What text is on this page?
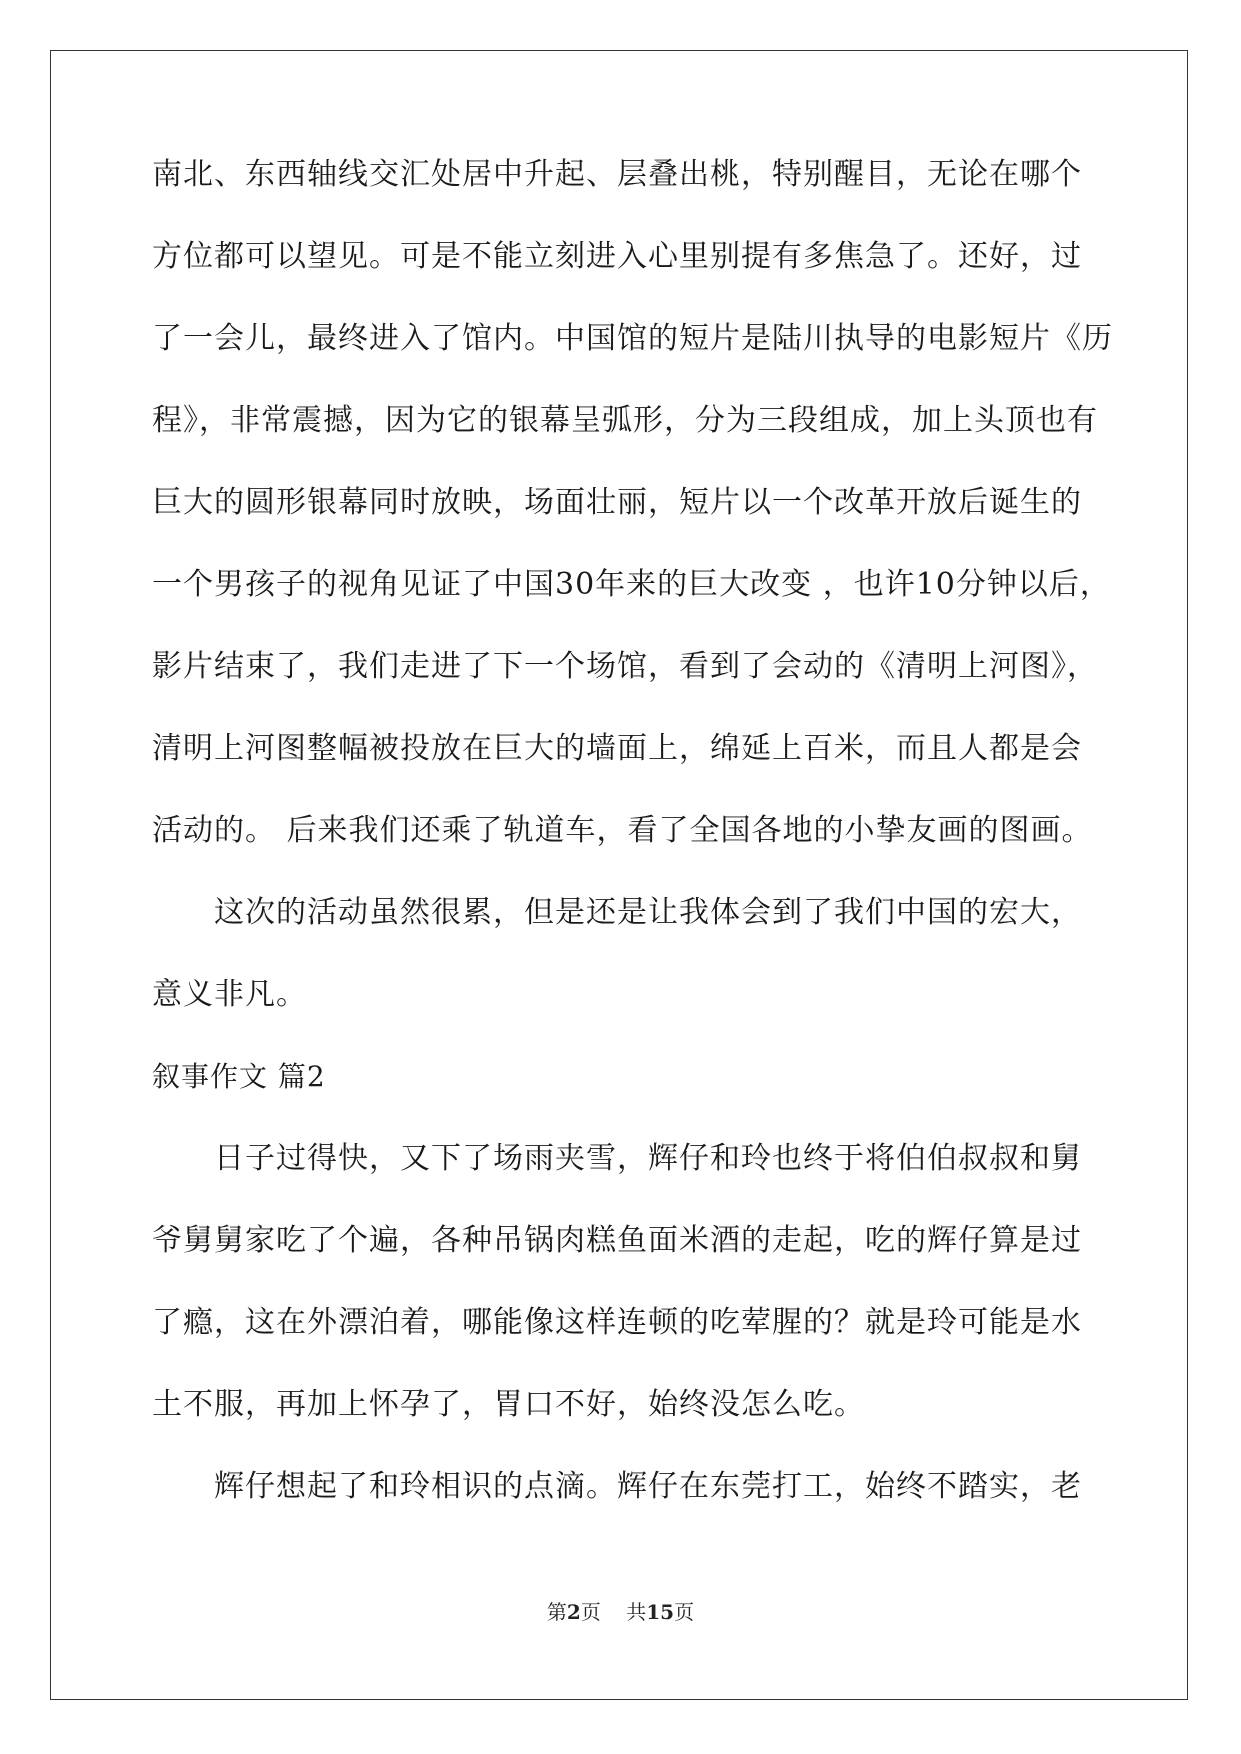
南北、东西轴线交汇处居中升起、层叠出桃，特别醒目，无论在哪个
方位都可以望见。可是不能立刻进入心里别提有多焦急了。还好，过
了一会儿，最终进入了馆内。中国馆的短片是陆川执导的电影短片《历
程》，非常震撼，因为它的银幕呈弧形，分为三段组成，加上头顶也有
巨大的圆形银幕同时放映，场面壮丽，短片以一个改革开放后诞生的
一个男孩子的视角见证了中国30年来的巨大改变 ，也许10分钟以后，
影片结束了，我们走进了下一个场馆，看到了会动的《清明上河图》，
清明上河图整幅被投放在巨大的墙面上，绵延上百米，而且人都是会
活动的。 后来我们还乘了轨道车，看了全国各地的小挚友画的图画。
　　这次的活动虽然很累，但是还是让我体会到了我们中国的宏大，
意义非凡。
叙事作文 篇2
　　日子过得快，又下了场雨夹雪，辉仔和玲也终于将伯伯叔叔和舅
爷舅舅家吃了个遍，各种吊锅肉糕鱼面米酒的走起，吃的辉仔算是过
了瘾，这在外漂泊着，哪能像这样连顿的吃荤腥的？就是玲可能是水
土不服，再加上怀孕了，胃口不好，始终没怎么吃。
　　辉仔想起了和玲相识的点滴。辉仔在东莞打工，始终不踏实，老
第2页 共15页
